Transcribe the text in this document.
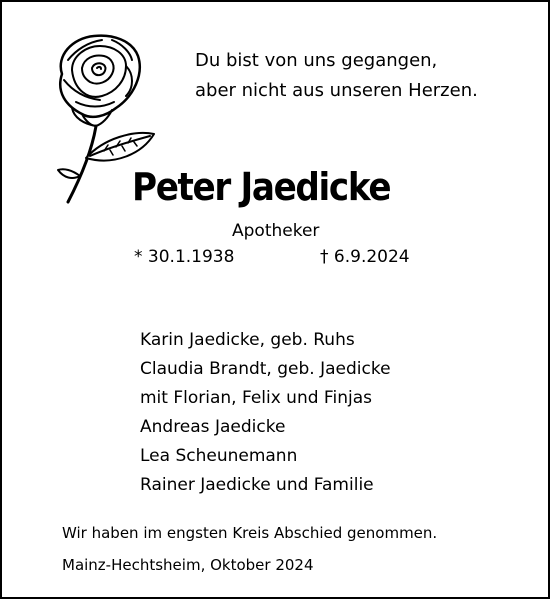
Du bist von uns gegangen,
aber nicht aus unseren Herzen.
Peter Jaedicke
Apotheker
* 30.1.1938	† 6.9.2024
Karin Jaedicke, geb. Ruhs
Claudia Brandt, geb. Jaedicke
mit Florian, Felix und Finjas
Andreas Jaedicke
Lea Scheunemann
Rainer Jaedicke und Familie
Wir haben im engsten Kreis Abschied genommen.
Mainz-Hechtsheim, Oktober 2024
